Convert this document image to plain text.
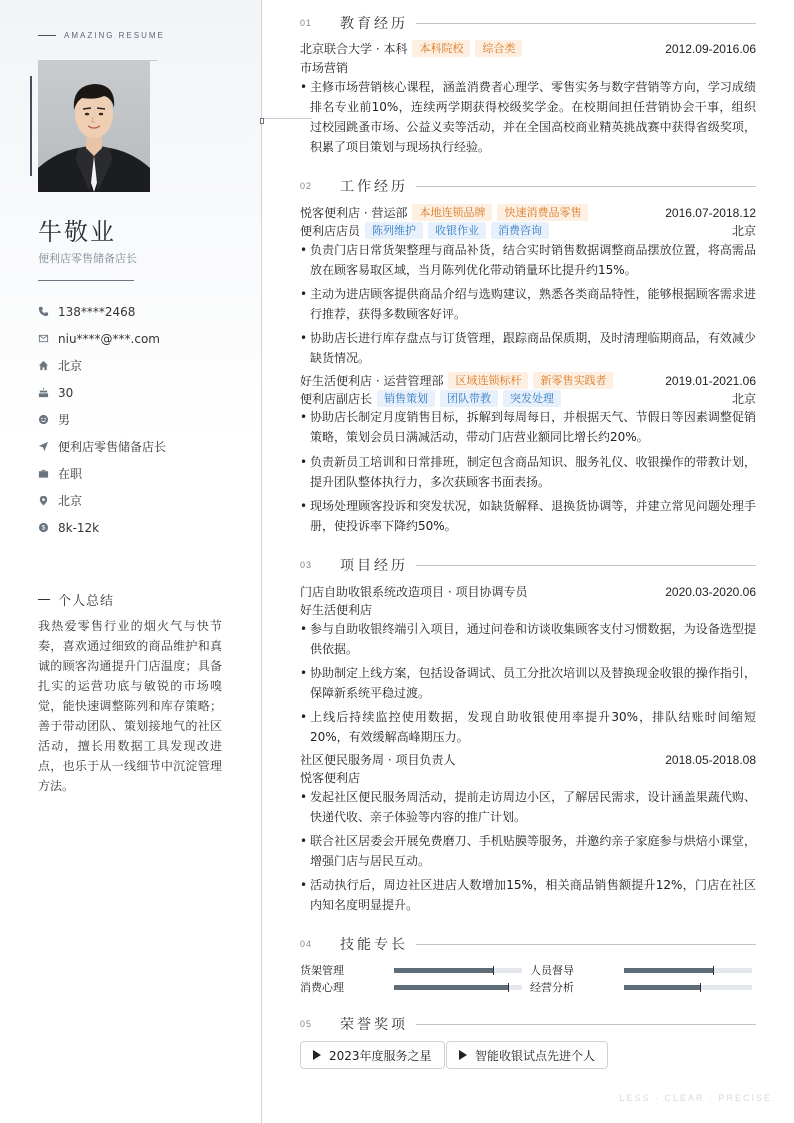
AMAZING RESUME
牛敬业
便利店零售储备店长
138****2468
niu****@***.com
北京
30
男
便利店零售储备店长
在职
北京
$ 8k-12k
个人总结
我热爱零售行业的烟火气与快节奏，喜欢通过细致的商品维护和真诚的顾客沟通提升门店温度；具备扎实的运营功底与敏锐的市场嗅觉，能快速调整陈列和库存策略；善于带动团队、策划接地气的社区活动，擅长用数据工具发现改进点，也乐于从一线细节中沉淀管理方法。
01	教育经历
北京联合大学 · 本科	本科院校	综合类	2012.09-2016.06
市场营销
• 主修市场营销核心课程，涵盖消费者心理学、零售实务与数字营销等方向，学习成绩排名专业前10%，连续两学期获得校级奖学金。在校期间担任营销协会干事，组织过校园跳蚤市场、公益义卖等活动，并在全国高校商业精英挑战赛中获得省级奖项，积累了项目策划与现场执行经验。
02	工作经历
悦客便利店 · 营运部	本地连锁品牌	快速消费品零售	2016.07-2018.12
便利店店员	陈列维护	收银作业	消费咨询	北京
• 负责门店日常货架整理与商品补货，结合实时销售数据调整商品摆放位置，将高需品放在顾客易取区域，当月陈列优化带动销量环比提升约15%。
• 主动为进店顾客提供商品介绍与选购建议，熟悉各类商品特性，能够根据顾客需求进行推荐，获得多数顾客好评。
• 协助店长进行库存盘点与订货管理，跟踪商品保质期，及时清理临期商品，有效减少缺货情况。
好生活便利店 · 运营管理部	区域连锁标杆	新零售实践者	2019.01-2021.06
便利店副店长	销售策划	团队带教	突发处理	北京
• 协助店长制定月度销售目标，拆解到每周每日，并根据天气、节假日等因素调整促销策略，策划会员日满减活动，带动门店营业额同比增长约20%。
• 负责新员工培训和日常排班，制定包含商品知识、服务礼仪、收银操作的带教计划，提升团队整体执行力，多次获顾客书面表扬。
• 现场处理顾客投诉和突发状况，如缺货解释、退换货协调等，并建立常见问题处理手册，使投诉率下降约50%。
03	项目经历
门店自助收银系统改造项目 · 项目协调专员	2020.03-2020.06
好生活便利店
• 参与自助收银终端引入项目，通过问卷和访谈收集顾客支付习惯数据，为设备选型提供依据。
• 协助制定上线方案，包括设备调试、员工分批次培训以及替换现金收银的操作指引，保障新系统平稳过渡。
• 上线后持续监控使用数据，发现自助收银使用率提升30%，排队结账时间缩短20%，有效缓解高峰期压力。
社区便民服务周 · 项目负责人	2018.05-2018.08
悦客便利店
• 发起社区便民服务周活动，提前走访周边小区，了解居民需求，设计涵盖果蔬代购、快递代收、亲子体验等内容的推广计划。
• 联合社区居委会开展免费磨刀、手机贴膜等服务，并邀约亲子家庭参与烘焙小课堂，增强门店与居民互动。
• 活动执行后，周边社区进店人数增加15%，相关商品销售额提升12%，门店在社区内知名度明显提升。
04	技能专长
货架管理	人员督导
消费心理	经营分析
05	荣誉奖项
2023年度服务之星	智能收银试点先进个人
LESS · CLEAR · PRECISE
